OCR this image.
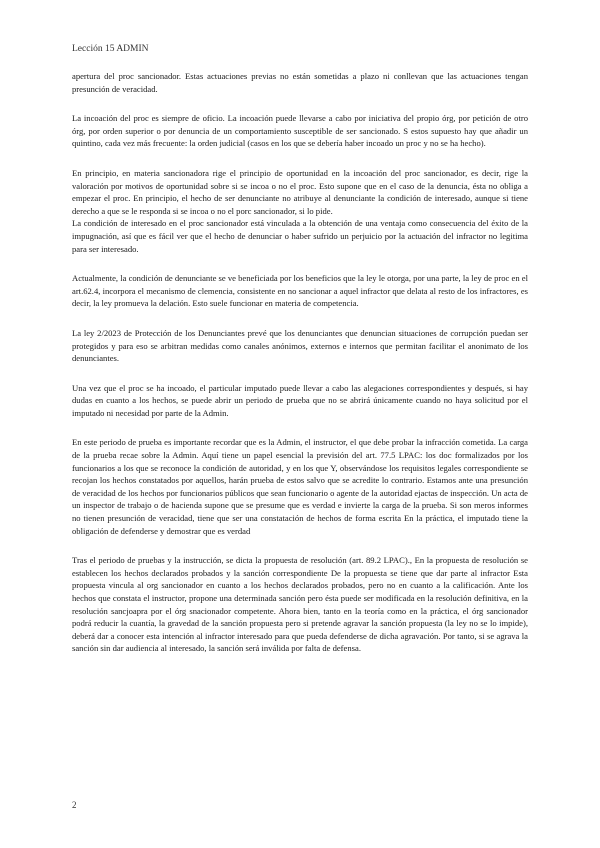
Lección 15 ADMIN

apertura del proc sancionador. Estas actuaciones previas no están sometidas a plazo ni conllevan que las actuaciones tengan presunción de veracidad.

La incoación del proc es siempre de oficio. La incoación puede llevarse a cabo por iniciativa del propio órg, por petición de otro órg, por orden superior o por denuncia de un comportamiento susceptible de ser sancionado. S estos supuesto hay que añadir un quintino, cada vez más frecuente: la orden judicial (casos en los que se debería haber incoado un proc y no se ha hecho).

En principio, en materia sancionadora rige el principio de oportunidad en la incoación del proc sancionador, es decir, rige la valoración por motivos de oportunidad sobre si se incoa o no el proc. Esto supone que en el caso de la denuncia, ésta no obliga a empezar el proc. En principio, el hecho de ser denunciante no atribuye al denunciante la condición de interesado, aunque si tiene derecho a que se le responda si se incoa o no el porc sancionador, si lo pide.

La condición de interesado en el proc sancionador está vinculada a la obtención de una ventaja como consecuencia del éxito de la impugnación, así que es fácil ver que el hecho de denunciar o haber sufrido un perjuicio por la actuación del infractor no legitima para ser interesado.

Actualmente, la condición de denunciante se ve beneficiada por los beneficios que la ley le otorga, por una parte, la ley de proc en el art.62.4, incorpora el mecanismo de clemencia, consistente en no sancionar a aquel infractor que delata al resto de los infractores, es decir, la ley promueva la delación. Esto suele funcionar en materia de competencia.

La ley 2/2023 de Protección de los Denunciantes prevé que los denunciantes que denuncian situaciones de corrupción puedan ser protegidos y para eso se arbitran medidas como canales anónimos, externos e internos que permitan facilitar el anonimato de los denunciantes.

Una vez que el proc se ha incoado, el particular imputado puede llevar a cabo las alegaciones correspondientes y después, si hay dudas en cuanto a los hechos, se puede abrir un periodo de prueba que no se abrirá únicamente cuando no haya solicitud por el imputado ni necesidad por parte de la Admin.

En este periodo de prueba es importante recordar que es la Admin, el instructor, el que debe probar la infracción cometida. La carga de la prueba recae sobre la Admin. Aquí tiene un papel esencial la previsión del art. 77.5 LPAC: los doc formalizados por los funcionarios a los que se reconoce la condición de autoridad, y en los que Y, observándose los requisitos legales correspondiente se recojan los hechos constatados por aquellos, harán prueba de estos salvo que se acredite lo contrario. Estamos ante una presunción de veracidad de los hechos por funcionarios públicos que sean funcionario o agente de la autoridad ejactas de inspección. Un acta de un inspector de trabajo o de hacienda supone que se presume que es verdad e invierte la carga de la prueba. Si son meros informes no tienen presunción de veracidad, tiene que ser una constatación de hechos de forma escrita En la práctica, el imputado tiene la obligación de defenderse y demostrar que es verdad

Tras el periodo de pruebas y la instrucción, se dicta la propuesta de resolución (art. 89.2 LPAC)., En la propuesta de resolución se establecen los hechos declarados probados y la sanción correspondiente De la propuesta se tiene que dar parte al infractor Esta propuesta vincula al org sancionador en cuanto a los hechos declarados probados, pero no en cuanto a la calificación. Ante los hechos que constata el instructor, propone una determinada sanción pero ésta puede ser modificada en la resolución definitiva, en la resolución sancjoapra por el órg snacionador competente. Ahora bien, tanto en la teoría como en la práctica, el órg sancionador podrá reducir la cuantía, la gravedad de la sanción propuesta pero si pretende agravar la sanción propuesta (la ley no se lo impide), deberá dar a conocer esta intención al infractor interesado para que pueda defenderse de dicha agravación. Por tanto, si se agrava la sanción sin dar audiencia al interesado, la sanción será inválida por falta de defensa.

2
